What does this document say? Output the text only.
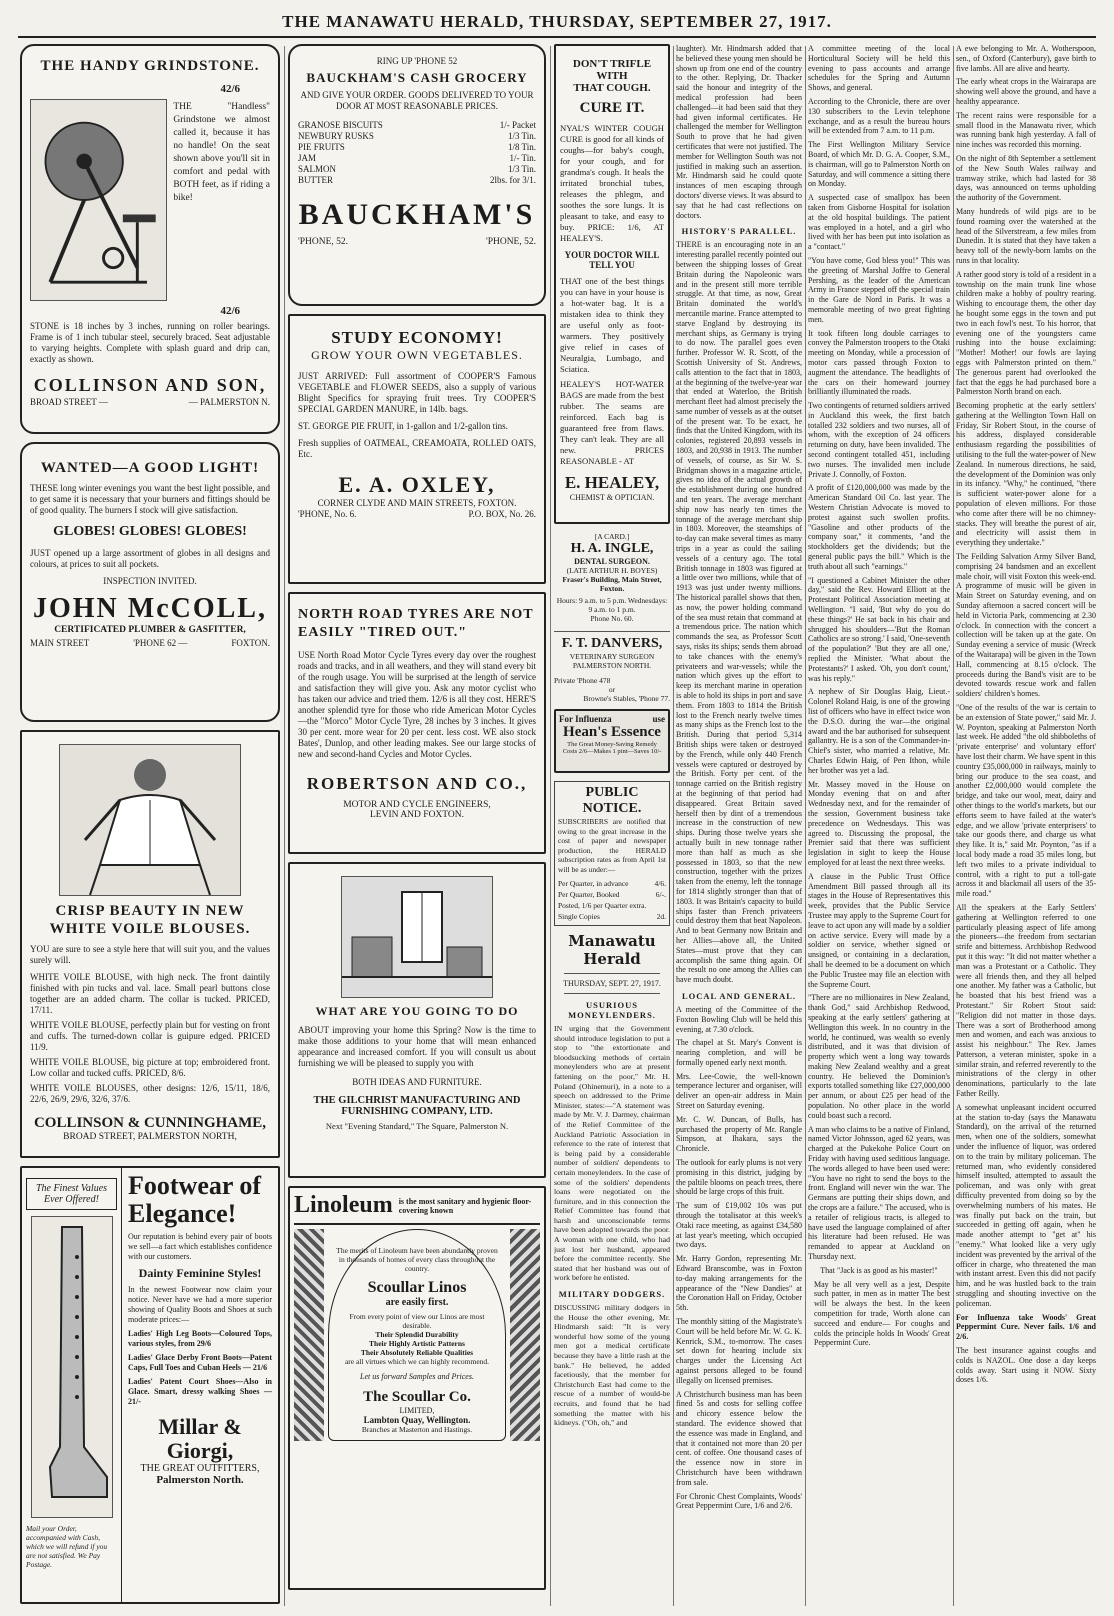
THE MANAWATU HERALD, THURSDAY, SEPTEMBER 27, 1917.
THE HANDY GRINDSTONE.
42/6
THE "Handless" Grindstone we almost called it, because it has no handle! On the seat shown above you'll sit in comfort and pedal with BOTH feet, as if riding a bike!
42/6
STONE is 18 inches by 3 inches, running on roller bearings. Frame is of 1 inch tubular steel, securely braced. Seat adjustable to varying heights. Complete with splash guard and drip can, exactly as shown.
COLLINSON AND SON,
BROAD STREET —	— PALMERSTON N.
WANTED—A GOOD LIGHT!
THESE long winter evenings you want the best light possible, and to get same it is necessary that your burners and fittings should be of good quality. The burners I stock will give satisfaction.
GLOBES! GLOBES! GLOBES!
JUST opened up a large assortment of globes in all designs and colours, at prices to suit all pockets.
INSPECTION INVITED.
JOHN McCOLL,
CERTIFICATED PLUMBER & GASFITTER,
MAIN STREET	'PHONE 62 —	FOXTON.
CRISP BEAUTY IN NEW WHITE VOILE BLOUSES.
YOU are sure to see a style here that will suit you, and the values surely will.
WHITE VOILE BLOUSE, with high neck. The front daintily finished with pin tucks and val. lace. Small pearl buttons close together are an added charm. The collar is tucked. PRICED, 17/11.
WHITE VOILE BLOUSE, perfectly plain but for vesting on front and cuffs. The turned-down collar is guipure edged. PRICED 11/9.
WHITE VOILE BLOUSE, big picture at top; embroidered front. Low collar and tucked cuffs. PRICED, 8/6.
WHITE VOILE BLOUSES, other designs: 12/6, 15/11, 18/6, 22/6, 26/9, 29/6, 32/6, 37/6.
COLLINSON & CUNNINGHAME,
BROAD STREET, PALMERSTON NORTH,
The Finest Values Ever Offered!
Mail your Order, accompanied with Cash, which we will refund if you are not satisfied. We Pay Postage.
Footwear of Elegance!
Our reputation is behind every pair of boots we sell—a fact which establishes confidence with our customers.
Dainty Feminine Styles!
In the newest Footwear now claim your notice. Never have we had a more superior showing of Quality Boots and Shoes at such moderate prices:—
Ladies' High Leg Boots—Coloured Tops, various styles, from 29/6
Ladies' Glace Derby Front Boots—Patent Caps, Full Toes and Cuban Heels — 21/6
Ladies' Patent Court Shoes—Also in Glace. Smart, dressy walking Shoes — 21/-
Millar & Giorgi,
THE GREAT OUTFITTERS,
Palmerston North.
RING UP 'PHONE 52
BAUCKHAM'S CASH GROCERY
AND GIVE YOUR ORDER. GOODS DELIVERED TO YOUR DOOR AT MOST REASONABLE PRICES.
GRANOSE BISCUITS	1/- Packet
NEWBURY RUSKS	1/3 Tin.
PIE FRUITS	1/8 Tin.
JAM	1/- Tin.
SALMON	1/3 Tin.
BUTTER	2lbs. for 3/1.
BAUCKHAM'S
'PHONE, 52.	'PHONE, 52.
STUDY ECONOMY!
GROW YOUR OWN VEGETABLES.
JUST ARRIVED: Full assortment of COOPER'S Famous VEGETABLE and FLOWER SEEDS, also a supply of various Blight Specifics for spraying fruit trees. Try COOPER'S SPECIAL GARDEN MANURE, in 14lb. bags.
ST. GEORGE PIE FRUIT, in 1-gallon and 1/2-gallon tins.
Fresh supplies of OATMEAL, CREAMOATA, ROLLED OATS, Etc.
E. A. OXLEY,
CORNER CLYDE AND MAIN STREETS, FOXTON.
'PHONE, No. 6.	P.O. BOX, No. 26.
NORTH ROAD TYRES ARE NOT EASILY "TIRED OUT."
USE North Road Motor Cycle Tyres every day over the roughest roads and tracks, and in all weathers, and they will stand every bit of the rough usage. You will be surprised at the length of service and satisfaction they will give you. Ask any motor cyclist who has taken our advice and tried them. 12/6 is all they cost. HERE'S another splendid tyre for those who ride American Motor Cycles—the "Morco" Motor Cycle Tyre, 28 inches by 3 inches. It gives 30 per cent. more wear for 20 per cent. less cost. WE also stock Bates', Dunlop, and other leading makes. See our large stocks of new and second-hand Cycles and Motor Cycles.
ROBERTSON AND CO.,
MOTOR AND CYCLE ENGINEERS,
LEVIN AND FOXTON.
WHAT ARE YOU GOING TO DO
ABOUT improving your home this Spring? Now is the time to make those additions to your home that will mean enhanced appearance and increased comfort. If you will consult us about furnishing we will be pleased to supply you with
BOTH IDEAS AND FURNITURE.
THE GILCHRIST MANUFACTURING AND FURNISHING COMPANY, LTD.
Next "Evening Standard," The Square, Palmerston N.
Linoleum is the most sanitary and hygienic floor-covering known
The merits of Linoleum have been abundantly proven in thousands of homes of every class throughout the country.
Scoullar Linos
are easily first.
From every point of view our Linos are most desirable.
Their Splendid Durability
Their Highly Artistic Patterns
Their Absolutely Reliable Qualities
are all virtues which we can highly recommend.
Let us forward Samples and Prices.
The Scoullar Co.
LIMITED,
Lambton Quay, Wellington.
Branches at Masterton and Hastings.
DON'T TRIFLE
WITH
THAT COUGH.
CURE IT.
NYAL'S WINTER COUGH CURE is good for all kinds of coughs—for baby's cough, for your cough, and for grandma's cough. It heals the irritated bronchial tubes, releases the phlegm, and soothes the sore lungs. It is pleasant to take, and easy to buy. PRICE: 1/6, AT HEALEY'S.
YOUR DOCTOR WILL TELL YOU
THAT one of the best things you can have in your house is a hot-water bag. It is a mistaken idea to think they are useful only as foot-warmers. They positively give relief in cases of Neuralgia, Lumbago, and Sciatica.
HEALEY'S HOT-WATER BAGS are made from the best rubber. The seams are reinforced. Each bag is guaranteed free from flaws. They can't leak. They are all new. PRICES REASONABLE - AT
E. HEALEY,
CHEMIST & OPTICIAN.
[A CARD.]
H. A. INGLE,
DENTAL SURGEON.
(LATE ARTHUR H. BOYES)
Fraser's Building, Main Street, Foxton.
Hours: 9 a.m. to 5 p.m. Wednesdays: 9 a.m. to 1 p.m.
Phone No. 60.
F. T. DANVERS,
VETERINARY SURGEON
PALMERSTON NORTH.
Private 'Phone 478
or
Browne's Stables, 'Phone 77.
For Influenza	use
Hean's Essence
The Great Money-Saving Remedy
Costs 2/6—Makes 1 pint—Saves 10/-
PUBLIC NOTICE.
SUBSCRIBERS are notified that owing to the great increase in the cost of paper and newspaper production, the HERALD subscription rates as from April 1st will be as under:—
Per Quarter, in advance	4/6.
Per Quarter, Booked	6/-.
Posted, 1/6 per Quarter extra.
Single Copies	2d.
Manawatu Herald
THURSDAY, SEPT. 27, 1917.
USURIOUS MONEYLENDERS.
IN urging that the Government should introduce legislation to put a stop to "the extortionate and bloodsucking methods of certain moneylenders who are at present fattening on the poor," Mr. H. Poland (Ohinemuri), in a note to a speech on addressed to the Prime Minister, states:—"A statement was made by Mr. V. J. Darmey, chairman of the Relief Committee of the Auckland Patriotic Association in reference to the rate of interest that is being paid by a considerable number of soldiers' dependents to certain moneylenders. In the case of some of the soldiers' dependents loans were negotiated on the furniture, and in this connection the Relief Committee has found that harsh and unconscionable terms have been adopted towards the poor. A woman with one child, who had just lost her husband, appeared before the committee recently. She stated that her husband was out of work before he enlisted.
MILITARY DODGERS.
DISCUSSING military dodgers in the House the other evening, Mr. Hindmarsh said: "It is very wonderful how some of the young men got a medical certificate because they have a little rash at the bank." He believed, he added facetiously, that the member for Christchurch East had come to the rescue of a number of would-be recruits, and found that he had something the matter with his kidneys. ("Oh, oh," and
laughter). Mr. Hindmarsh added that he believed these young men should be shown up from one end of the country to the other. Replying, Dr. Thacker said the honour and integrity of the medical profession had been challenged—it had been said that they had given informal certificates. He challenged the member for Wellington South to prove that he had given certificates that were not justified. The member for Wellington South was not justified in making such an assertion. Mr. Hindmarsh said he could quote instances of men escaping through doctors' diverse views. It was absurd to say that he had cast reflections on doctors.
HISTORY'S PARALLEL.
THERE is an encouraging note in an interesting parallel recently pointed out between the shipping losses of Great Britain during the Napoleonic wars and in the present still more terrible struggle. At that time, as now, Great Britain dominated the world's mercantile marine. France attempted to starve England by destroying its merchant ships, as Germany is trying to do now. The parallel goes even further. Professor W. R. Scott, of the Scottish University of St. Andrews, calls attention to the fact that in 1803, at the beginning of the twelve-year war that ended at Waterloo, the British merchant fleet had almost precisely the same number of vessels as at the outset of the present war. To be exact, he finds that the United Kingdom, with its colonies, registered 20,893 vessels in 1803, and 20,938 in 1913. The number of vessels, of course, as Sir W. S. Bridgman shows in a magazine article, gives no idea of the actual growth of the establishment during one hundred and ten years. The average merchant ship now has nearly ten times the tonnage of the average merchant ship in 1803. Moreover, the steamships of to-day can make several times as many trips in a year as could the sailing vessels of a century ago. The total British tonnage in 1803 was figured at a little over two millions, while that of 1913 was just under twenty millions. The historical parallel shows that then, as now, the power holding command of the sea must retain that command at a tremendous price. The nation which commands the sea, as Professor Scott says, risks its ships; sends them abroad to take chances with the enemy's privateers and war-vessels; while the nation which gives up the effort to keep its merchant marine in operation is able to hold its ships in port and save them. From 1803 to 1814 the British lost to the French nearly twelve times as many ships as the French lost to the British. During that period 5,314 British ships were taken or destroyed by the French, while only 440 French vessels were captured or destroyed by the British. Forty per cent. of the tonnage carried on the British registry at the beginning of that period had disappeared. Great Britain saved herself then by dint of a tremendous increase in the construction of new ships. During those twelve years she actually built in new tonnage rather more than half as much as she possessed in 1803, so that the new construction, together with the prizes taken from the enemy, left the tonnage for 1814 slightly stronger than that of 1803. It was Britain's capacity to build ships faster than French privateers could destroy them that beat Napoleon. And to beat Germany now Britain and her Allies—above all, the United States—must prove that they can accomplish the same thing again. Of the result no one among the Allies can have much doubt.
LOCAL AND GENERAL.
A meeting of the Committee of the Foxton Bowling Club will be held this evening, at 7.30 o'clock.
The chapel at St. Mary's Convent is nearing completion, and will be formally opened early next month.
Mrs. Lee-Cowie, the well-known temperance lecturer and organiser, will deliver an open-air address in Main Street on Saturday evening.
Mr. C. W. Duncan, of Bulls, has purchased the property of Mr. Rangle Simpson, at Ihakara, says the Chronicle.
The outlook for early plums is not very promising in this district, judging by the paltile blooms on peach trees, there should be large crops of this fruit.
The sum of £19,002 10s was put through the totalisator at this week's Otaki race meeting, as against £34,580 at last year's meeting, which occupied two days.
Mr. Harry Gordon, representing Mr. Edward Branscombe, was in Foxton to-day making arrangements for the appearance of the "New Dandies" at the Coronation Hall on Friday, October 5th.
The monthly sitting of the Magistrate's Court will be held before Mr. W. G. K. Kenrick, S.M., to-morrow. The cases set down for hearing include six charges under the Licensing Act against persons alleged to be found illegally on licensed premises.
A Christchurch business man has been fined 5s and costs for selling coffee and chicory essence below the standard. The evidence showed that the essence was made in England, and that it contained not more than 20 per cent. of coffee. One thousand cases of the essence now in store in Christchurch have been withdrawn from sale.
For Chronic Chest Complaints, Woods' Great Peppermint Cure, 1/6 and 2/6.
A committee meeting of the local Horticultural Society will be held this evening to pass accounts and arrange schedules for the Spring and Autumn Shows, and general.
According to the Chronicle, there are over 130 subscribers to the Levin telephone exchange, and as a result the bureau hours will be extended from 7 a.m. to 11 p.m.
The First Wellington Military Service Board, of which Mr. D. G. A. Cooper, S.M., is chairman, will go to Palmerston North on Saturday, and will commence a sitting there on Monday.
A suspected case of smallpox has been taken from Gisborne Hospital for isolation at the old hospital buildings. The patient was employed in a hotel, and a girl who lived with her has been put into isolation as a "contact."
"You have come, God bless you!" This was the greeting of Marshal Joffre to General Pershing, as the leader of the American Army in France stepped off the special train in the Gare de Nord in Paris. It was a memorable meeting of two great fighting men.
It took fifteen long double carriages to convey the Palmerston troopers to the Otaki meeting on Monday, while a procession of motor cars passed through Foxton to augment the attendance. The headlights of the cars on their homeward journey brilliantly illuminated the roads.
Two contingents of returned soldiers arrived in Auckland this week, the first batch totalled 232 soldiers and two nurses, all of whom, with the exception of 24 officers returning on duty, have been invalided. The second contingent totalled 451, including two nurses. The invalided men include Private J. Connolly, of Foxton.
A profit of £120,000,000 was made by the American Standard Oil Co. last year. The Western Christian Advocate is moved to protest against such swollen profits. "Gasoline and other products of the company soar," it comments, "and the stockholders get the dividends; but the general public pays the bill." Which is the truth about all such "earnings."
"I questioned a Cabinet Minister the other day," said the Rev. Howard Elliott at the Protestant Political Association meeting at Wellington. "I said, 'But why do you do these things?' He sat back in his chair and shrugged his shoulders—'But the Roman Catholics are so strong.' I said, 'One-seventh of the population?' 'But they are all one,' replied the Minister. 'What about the Protestants?' I asked. 'Oh, you don't count,' was his reply."
A nephew of Sir Douglas Haig, Lieut.-Colonel Roland Haig, is one of the growing list of officers who have in effect twice won the D.S.O. during the war—the original award and the bar authorised for subsequent gallantry. He is a son of the Commander-in-Chief's sister, who married a relative, Mr. Charles Edwin Haig, of Pen Ithon, while her brother was yet a lad.
Mr. Massey moved in the House on Monday evening that on and after Wednesday next, and for the remainder of the session, Government business take precedence on Wednesdays. This was agreed to. Discussing the proposal, the Premier said that there was sufficient legislation in sight to keep the House employed for at least the next three weeks.
A clause in the Public Trust Office Amendment Bill passed through all its stages in the House of Representatives this week, provides that the Public Service Trustee may apply to the Supreme Court for leave to act upon any will made by a soldier on active service. Every will made by a soldier on service, whether signed or unsigned, or containing in a declaration, shall be deemed to be a document on which the Public Trustee may file an election with the Supreme Court.
"There are no millionaires in New Zealand, thank God," said Archbishop Redwood, speaking at the early settlers' gathering at Wellington this week. In no country in the world, he continued, was wealth so evenly distributed, and it was that division of property which went a long way towards making New Zealand wealthy and a great country. He believed the Dominion's exports totalled something like £27,000,000 per annum, or about £25 per head of the population. No other place in the world could boast such a record.
A man who claims to be a native of Finland, named Victor Johnsson, aged 62 years, was charged at the Pukekohe Police Court on Friday with having used seditious language. The words alleged to have been used were: "You have no right to send the boys to the front. England will never win the war. The Germans are putting their ships down, and the crops are a failure." The accused, who is a retailer of religious tracts, is alleged to have used the language complained of after his literature had been refused. He was remanded to appear at Auckland on Thursday next.
That "Jack is as good as his master!"
May be all very well as a jest, Despite such patter, in men as in matter The best will be always the best. In the keen competition for trade, Worth alone can succeed and endure— For coughs and colds the principle holds In Woods' Great Peppermint Cure.
A ewe belonging to Mr. A. Wotherspoon, sen., of Oxford (Canterbury), gave birth to five lambs. All are alive and hearty.
The early wheat crops in the Wairarapa are showing well above the ground, and have a healthy appearance.
The recent rains were responsible for a small flood in the Manawatu river, which was running bank high yesterday. A fall of nine inches was recorded this morning.
On the night of 8th September a settlement of the New South Wales railway and tramway strike, which had lasted for 38 days, was announced on terms upholding the authority of the Government.
Many hundreds of wild pigs are to be found roaming over the watershed at the head of the Silverstream, a few miles from Dunedin. It is stated that they have taken a heavy toll of the newly-born lambs on the runs in that locality.
A rather good story is told of a resident in a township on the main trunk line whose children make a hobby of poultry rearing. Wishing to encourage them, the other day he bought some eggs in the town and put two in each fowl's nest. To his horror, that evening one of the youngsters came rushing into the house exclaiming: "Mother! Mother! our fowls are laying eggs with Palmerston printed on them." The generous parent had overlooked the fact that the eggs he had purchased bore a Palmerston North brand on each.
Becoming prophetic at the early settlers' gathering at the Wellington Town Hall on Friday, Sir Robert Stout, in the course of his address, displayed considerable enthusiasm regarding the possibilities of utilising to the full the water-power of New Zealand. In numerous directions, he said, the development of the Dominion was only in its infancy. "Why," he continued, "there is sufficient water-power alone for a population of eleven millions. For those who come after there will be no chimney-stacks. They will breathe the purest of air, and electricity will assist them in everything they undertake."
The Feilding Salvation Army Silver Band, comprising 24 bandsmen and an excellent male choir, will visit Foxton this week-end. A programme of music will be given in Main Street on Saturday evening, and on Sunday afternoon a sacred concert will be held in Victoria Park, commencing at 2.30 o'clock. In connection with the concert a collection will be taken up at the gate. On Sunday evening a service of music (Wreck of the Waitarapa) will be given in the Town Hall, commencing at 8.15 o'clock. The proceeds during the Band's visit are to be devoted towards rescue work and fallen soldiers' children's homes.
"One of the results of the war is certain to be an extension of State power," said Mr. J. W. Poynton, speaking at Palmerston North last week. He added "the old shibboleths of 'private enterprise' and voluntary effort' have lost their charm. We have spent in this country £35,000,000 in railways, mainly to bring our produce to the sea coast, and another £2,000,000 would complete the bridge, and take our wool, meat, dairy and other things to the world's markets, but our efforts seem to have failed at the water's edge, and we allow 'private enterprisers' to take our goods there, and charge us what they like. It is," said Mr. Poynton, "as if a local body made a road 35 miles long, but left two miles to a private individual to control, with a right to put a toll-gate across it and blackmail all users of the 35-mile road."
All the speakers at the Early Settlers' gathering at Wellington referred to one particularly pleasing aspect of life among the pioneers—the freedom from sectarian strife and bitterness. Archbishop Redwood put it this way: "It did not matter whether a man was a Protestant or a Catholic. They were all friends then, and they all helped one another. My father was a Catholic, but he boasted that his best friend was a Protestant." Sir Robert Stout said: "Religion did not matter in those days. There was a sort of Brotherhood among men and women, and each was anxious to assist his neighbour." The Rev. James Patterson, a veteran minister, spoke in a similar strain, and referred reverently to the ministrations of the clergy in other denominations, particularly to the late Father Reilly.
A somewhat unpleasant incident occurred at the station to-day (says the Manawatu Standard), on the arrival of the returned men, when one of the soldiers, somewhat under the influence of liquor, was ordered on to the train by military policeman. The returned man, who evidently considered himself insulted, attempted to assault the policeman, and was only with great difficulty prevented from doing so by the overwhelming numbers of his mates. He was finally put back on the train, but succeeded in getting off again, when he made another attempt to "get at" his "enemy." What looked like a very ugly incident was prevented by the arrival of the officer in charge, who threatened the man with instant arrest. Even this did not pacify him, and he was hustled back to the train struggling and shouting invective on the policeman.
For Influenza take Woods' Great Peppermint Cure. Never fails. 1/6 and 2/6.
The best insurance against coughs and colds is NAZOL. One dose a day keeps colds away. Start using it NOW. Sixty doses 1/6.
